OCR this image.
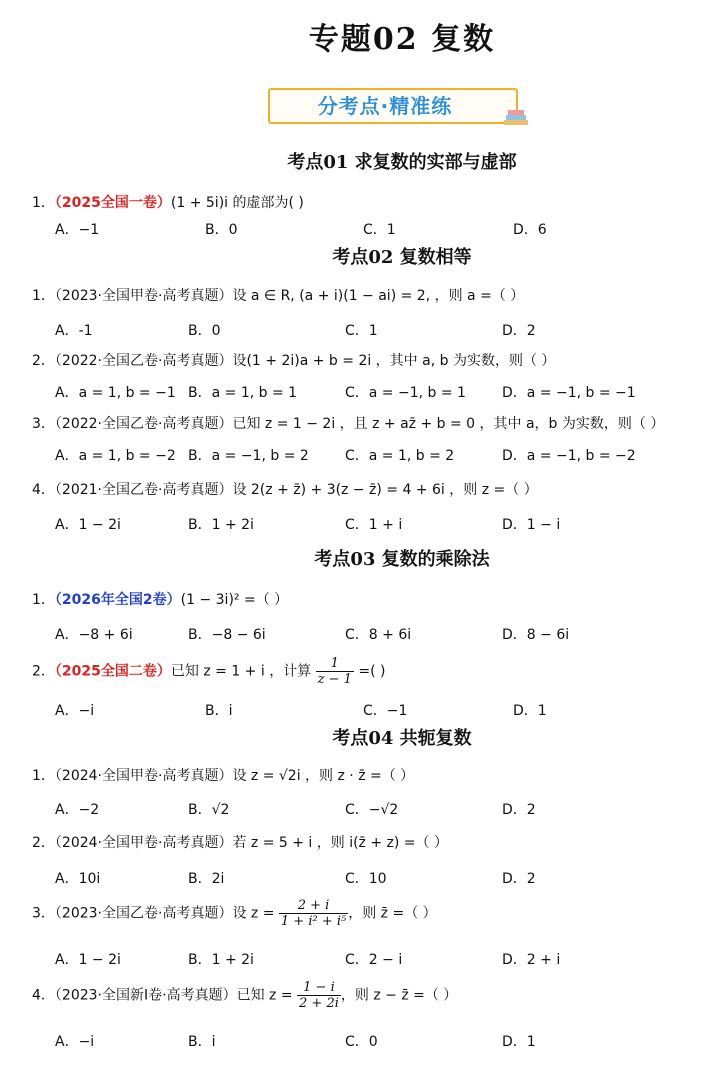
专题02 复数
分考点·精准练
考点01 求复数的实部与虚部
1．（2025全国一卷）(1 + 5i)i 的虚部为( )
A．−1	B．0	C．1	D．6
考点02 复数相等
1．（2023·全国甲卷·高考真题）设 a ∈ R, (a + i)(1 − ai) = 2, ，则 a =（ ）
A．-1	B．0	C．1	D．2
2．（2022·全国乙卷·高考真题）设(1 + 2i)a + b = 2i ，其中 a, b 为实数，则（ ）
A．a = 1, b = −1 B．a = 1, b = 1	C．a = −1, b = 1	D．a = −1, b = −1
3．（2022·全国乙卷·高考真题）已知 z = 1 − 2i ，且 z + az̄ + b = 0 ，其中 a，b 为实数，则（ ）
A．a = 1, b = −2 B．a = −1, b = 2	C．a = 1, b = 2	D．a = −1, b = −2
4．（2021·全国乙卷·高考真题）设 2(z + z̄) + 3(z − z̄) = 4 + 6i ，则 z =（ ）
A．1 − 2i	B．1 + 2i	C．1 + i	D．1 − i
考点03 复数的乘除法
1．（2026年全国2卷）(1 − 3i)² =（ ）
A．−8 + 6i	B．−8 − 6i	C．8 + 6i	D．8 − 6i
2．（2025全国二卷）已知 z = 1 + i ，计算 $\frac{1}{z - 1}$ =( )
A．−i	B．i	C．−1	D．1
考点04 共轭复数
1．（2024·全国甲卷·高考真题）设 z = √2i ，则 z · z̄ =（ ）
A．−2	B．√2	C．−√2	D．2
2．（2024·全国甲卷·高考真题）若 z = 5 + i ，则 i(z̄ + z) =（ ）
A．10i	B．2i	C．10	D．2
3．（2023·全国乙卷·高考真题）设 $z = \frac{2 + i}{\text{1 + i² + i⁵}}$ ，则 z̄ =（ ）
A．1 − 2i	B．1 + 2i	C．2 − i	D．2 + i
4．（2023·全国新Ⅰ卷·高考真题）已知 $z = \frac{1 - i}{2 + 2i}$ ，则 z − z̄ =（ ）
A．−i	B．i	C．0	D．1
